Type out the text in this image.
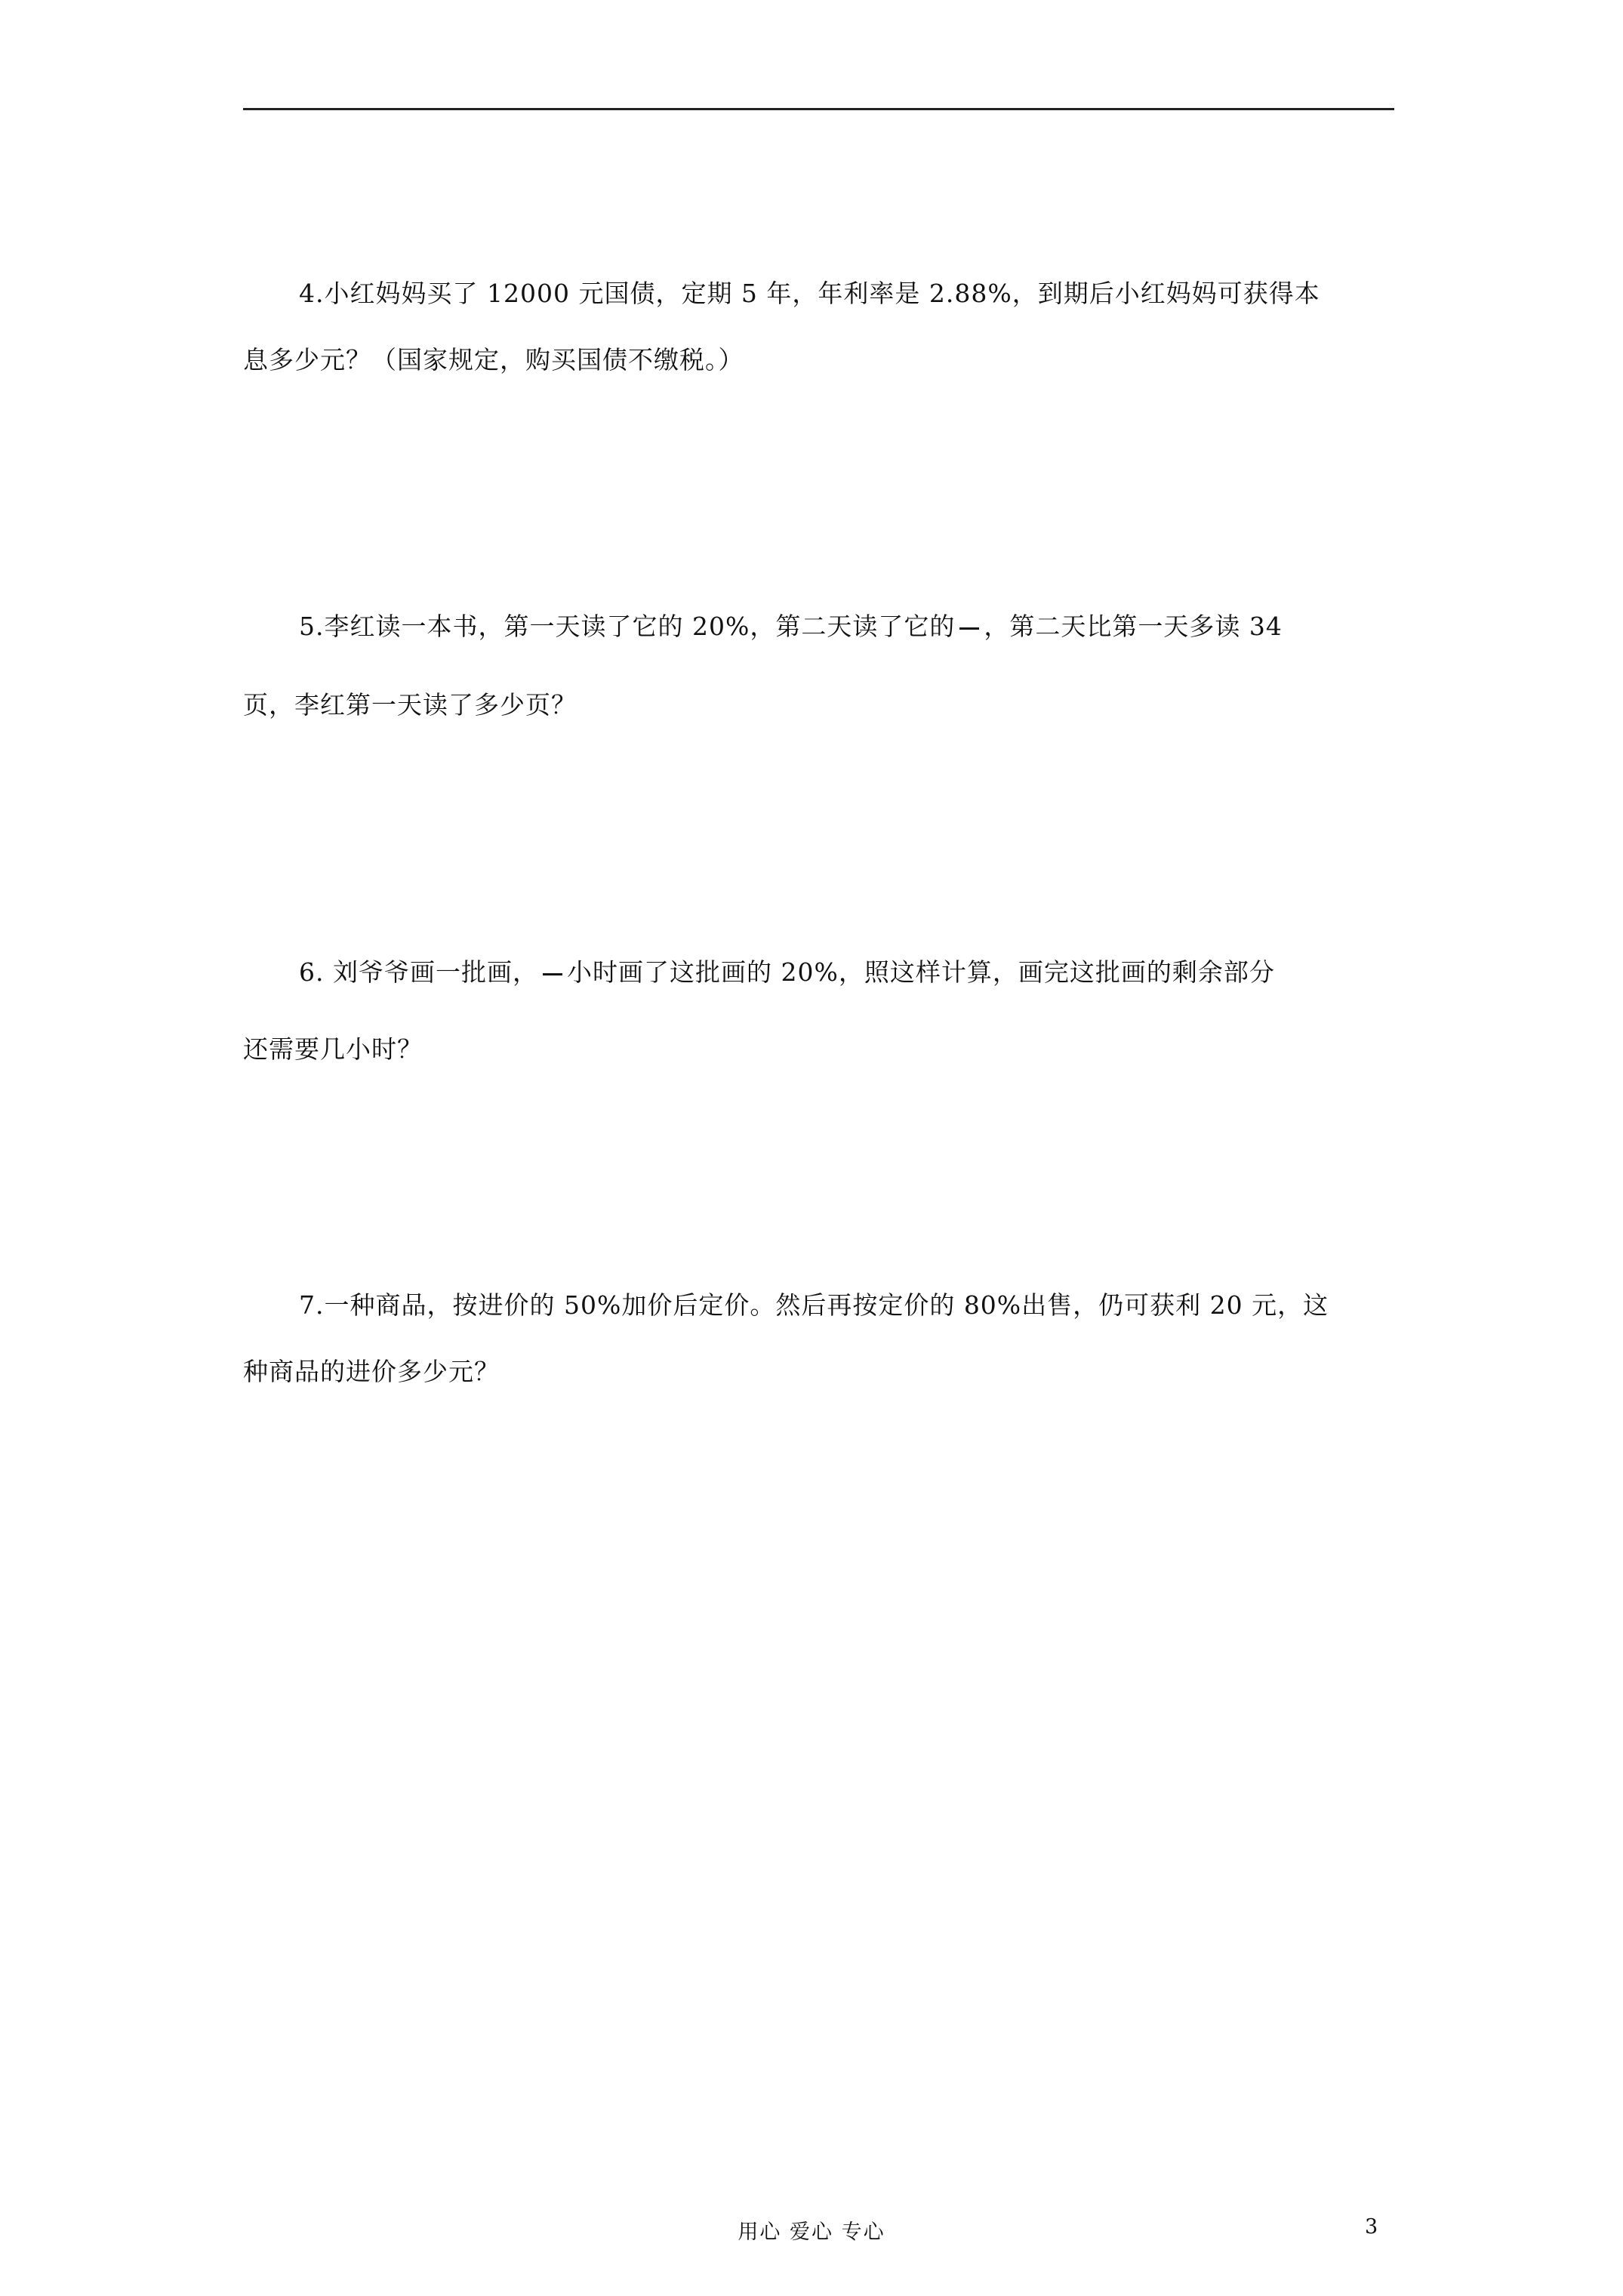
4.小红妈妈买了 12000 元国债，定期 5 年，年利率是 2.88%，到期后小红妈妈可获得本
息多少元？（国家规定，购买国债不缴税。）
5.李红读一本书，第一天读了它的 20%，第二天读了它的 ，第二天比第一天多读 34
页，李红第一天读了多少页？
6. 刘爷爷画一批画， 小时画了这批画的 20%，照这样计算，画完这批画的剩余部分
还需要几小时？
7.一种商品，按进价的 50%加价后定价。然后再按定价的 80%出售，仍可获利 20 元，这
种商品的进价多少元？
用心 爱心 专心	3
